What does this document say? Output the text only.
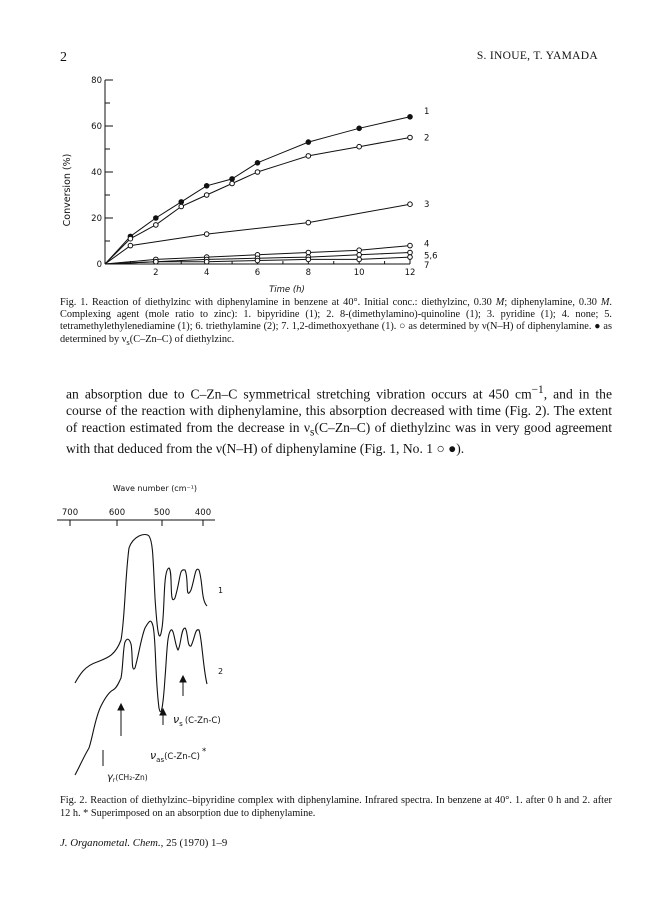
2	S. INOUE, T. YAMADA
0
20
40
60
80
2	4	6	8	10	12
1
2
3
4
5,6
7
Conversion (%)
Time (h)
Fig. 1. Reaction of diethylzinc with diphenylamine in benzene at 40°. Initial conc.: diethylzinc, 0.30 M; diphenylamine, 0.30 M. Complexing agent (mole ratio to zinc): 1. bipyridine (1); 2. 8-(dimethylamino)-quinoline (1); 3. pyridine (1); 4. none; 5. tetramethylethylenediamine (1); 6. triethylamine (2); 7. 1,2-dimethoxyethane (1). ○ as determined by ν(N–H) of diphenylamine. ● as determined by $\nu_s(C-Zn-C)$ of diethylzinc.
an absorption due to C–Zn–C symmetrical stretching vibration occurs at 450 $cm^{-1}$, and in the course of the reaction with diphenylamine, this absorption decreased with time (Fig. 2). The extent of reaction estimated from the decrease in $\nu_s(C-Zn-C)$ of diethylzinc was in very good agreement with that deduced from the ν(N–H) of diphenylamine (Fig. 1, No. 1 ○ ●).
Wave number (cm⁻¹)
700	600	500	400
1
2
$\nu_s$ (C-Zn-C)
$\nu_{as}(C-Zn-C)$ *
$\gamma_r(CH_2-Zn)$
Fig. 2. Reaction of diethylzinc–bipyridine complex with diphenylamine. Infrared spectra. In benzene at 40°. 1. after 0 h and 2. after 12 h. * Superimposed on an absorption due to diphenylamine.
J. Organometal. Chem., 25 (1970) 1–9
